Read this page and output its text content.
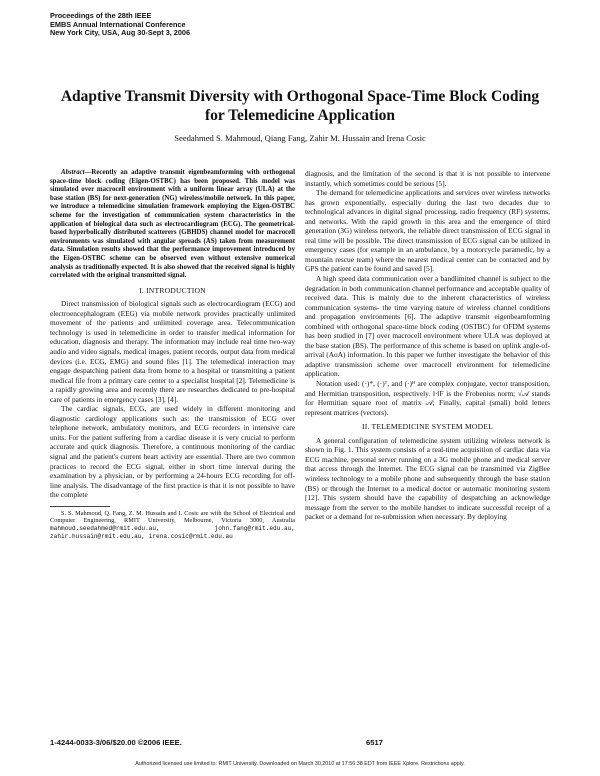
Proceedings of the 28th IEEE
EMBS Annual International Conference
New York City, USA, Aug 30-Sept 3, 2006
Adaptive Transmit Diversity with Orthogonal Space-Time Block Coding
for Telemedicine Application
Seedahmed S. Mahmoud, Qiang Fang, Zahir M. Hussain and Irena Cosic

Abstract—Recently an adaptive transmit eigenbeamforming with orthogonal space-time block coding (Eigen-OSTBC) has been proposed. This model was simulated over macrocell environment with a uniform linear array (ULA) at the base station (BS) for next-generation (NG) wireless/mobile network. In this paper, we introduce a telemedicine simulation framework employing the Eigen-OSTBC scheme for the investigation of communication system characteristics in the application of biological data such as electrocardiogram (ECG). The geometrical-based hyperbolically distributed scatterers (GBHDS) channel model for macrocell environments was simulated with angular spreads (AS) taken from measurement data. Simulation results showed that the performance improvement introduced by the Eigen-OSTBC scheme can be observed even without extensive numerical analysis as traditionally expected. It is also showed that the received signal is highly correlated with the original transmitted signal.

I. INTRODUCTION

Direct transmission of biological signals such as electrocardiogram (ECG) and electroencephalogram (EEG) via mobile network provides practically unlimited movement of the patients and unlimited coverage area. Telecommunication technology is used in telemedicine in order to transfer medical information for education, diagnosis and therapy. The information may include real time two-way audio and video signals, medical images, patient records, output data from medical devices (i.e. ECG, EMG) and sound files [1]. The telemedical interaction may engage despatching patient data from home to a hospital or transmitting a patient medical file from a primary care center to a specialist hospital [2]. Telemedicine is a rapidly growing area and recently there are researches dedicated to pre-hospital care of patients in emergency cases [3], [4].

The cardiac signals, ECG, are used widely in different monitoring and diagnostic cardiology applications such as: the transmission of ECG over telephone network, ambulatory monitors, and ECG recorders in intensive care units. For the patient suffering from a cardiac disease it is very crucial to perform accurate and quick diagnosis. Therefore, a continuous monitoring of the cardiac signal and the patient's current heart activity are essential. There are two common practices to record the ECG signal, either in short time interval during the examination by a physician, or by performing a 24-hours ECG recording for off-line analysis. The disadvantage of the first practice is that it is not possible to have the complete

S. S. Mahmoud, Q. Fang, Z. M. Hussain and I. Cosic are with the School of Electrical and Computer Engineering, RMIT University, Melbourne, Victoria 3000, Australia mahmoud.seedahmed@rmit.edu.au, john.fang@rmit.edu.au, zahir.hussain@rmit.edu.au, irena.cosic@rmit.edu.au

diagnosis, and the limitation of the second is that it is not possible to intervene instantly, which sometimes could be serious [5].

The demand for telemedicine applications and services over wireless networks has grown exponentially, especially during the last two decades due to technological advances in digital signal processing, radio frequency (RF) systems, and networks. With the rapid growth in this area and the emergence of third generation (3G) wireless network, the reliable direct transmission of ECG signal in real time will be possible. The direct transmission of ECG signal can be utilized in emergency cases (for example in an ambulance, by a motorcycle paramedic, by a mountain rescue team) where the nearest medical center can be contacted and by GPS the patient can be found and saved [5].

A high speed data communication over a bandlimited channel is subject to the degradation in both communication channel performance and acceptable quality of received data. This is mainly due to the inherent characteristics of wireless communication systems- the time varying nature of wireless channel conditions and propagation environments [6]. The adaptive transmit eigenbeamforming combined with orthogonal space-time block coding (OSTBC) for OFDM systems has been studied in [7] over macrocell environment where ULA was deployed at the base station (BS). The performance of this scheme is based on uplink angle-of-arrival (AoA) information. In this paper we further investigate the behavior of this adaptive transmission scheme over macrocell environment for telemedicine application.

Notation used: (·)*, (·)ᵀ, and (·)ᴴ are complex conjugate, vector transposition, and Hermitian transposition, respectively. ‖·‖F is the Frobenius norm; √𝒜 stands for Hermitian square root of matrix 𝒜; Finally, capital (small) bold letters represent matrices (vectors).

II. TELEMEDICINE SYSTEM MODEL

A general configuration of telemedicine system utilizing wireless network is shown in Fig. 1. This system consists of a real-time acquisition of cardiac data via ECG machine, personal server running on a 3G mobile phone and medical server that access through the Internet. The ECG signal can be transmitted via ZigBee wireless technology to a mobile phone and subsequently through the base station (BS) or through the Internet to a medical doctor or automatic monitoring system [12]. This system should have the capability of despatching an acknowledge message from the server to the mobile handset to indicate successful receipt of a packet or a demand for re-submission when necessary. By deploying

1-4244-0033-3/06/$20.00 ©2006 IEEE.	6517
Authorized licensed use limited to: RMIT University. Downloaded on March 30,2010 at 17:56:38 EDT from IEEE Xplore. Restrictions apply.
